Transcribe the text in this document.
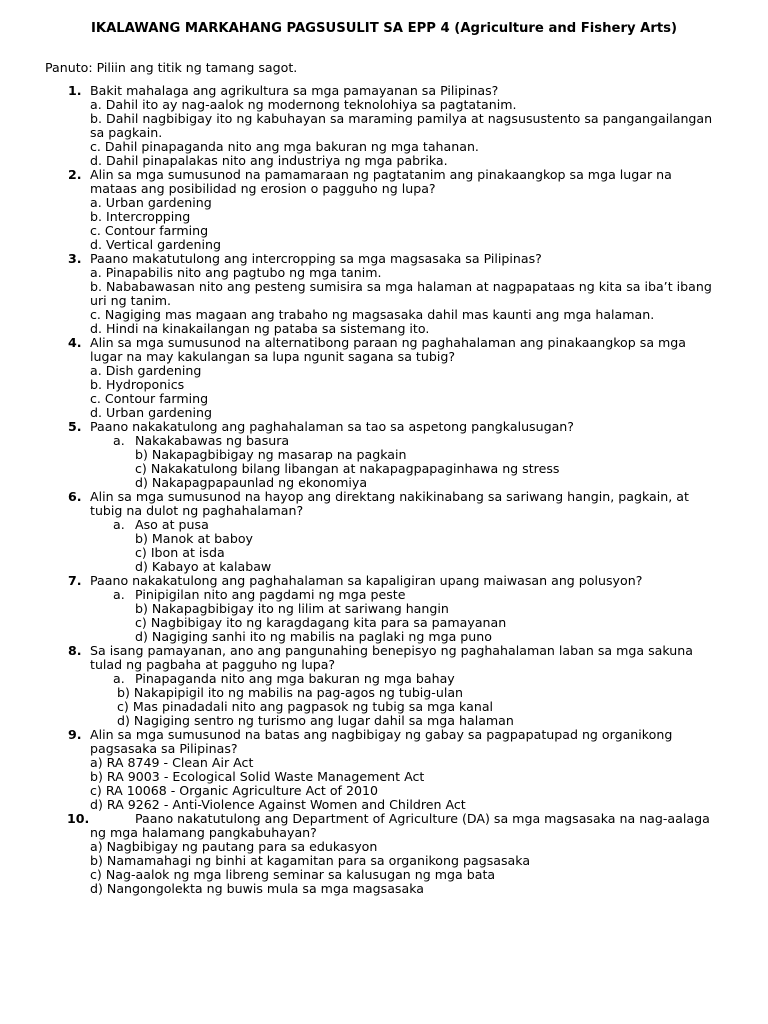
IKALAWANG MARKAHANG PAGSUSULIT SA EPP 4 (Agriculture and Fishery Arts)
Panuto: Piliin ang titik ng tamang sagot.
1. Bakit mahalaga ang agrikultura sa mga pamayanan sa Pilipinas?
a. Dahil ito ay nag-aalok ng modernong teknolohiya sa pagtatanim.
b. Dahil nagbibigay ito ng kabuhayan sa maraming pamilya at nagsusustento sa pangangailangan sa pagkain.
c. Dahil pinapaganda nito ang mga bakuran ng mga tahanan.
d. Dahil pinapalakas nito ang industriya ng mga pabrika.
2. Alin sa mga sumusunod na pamamaraan ng pagtatanim ang pinakaangkop sa mga lugar na mataas ang posibilidad ng erosion o pagguho ng lupa?
a. Urban gardening
b. Intercropping
c. Contour farming
d. Vertical gardening
3. Paano makatutulong ang intercropping sa mga magsasaka sa Pilipinas?
a. Pinapabilis nito ang pagtubo ng mga tanim.
b. Nababawasan nito ang pesteng sumisira sa mga halaman at nagpapataas ng kita sa iba’t ibang uri ng tanim.
c. Nagiging mas magaan ang trabaho ng magsasaka dahil mas kaunti ang mga halaman.
d. Hindi na kinakailangan ng pataba sa sistemang ito.
4. Alin sa mga sumusunod na alternatibong paraan ng paghahalaman ang pinakaangkop sa mga lugar na may kakulangan sa lupa ngunit sagana sa tubig?
a. Dish gardening
b. Hydroponics
c. Contour farming
d. Urban gardening
5. Paano nakakatulong ang paghahalaman sa tao sa aspetong pangkalusugan?
a. Nakakabawas ng basura
b) Nakapagbibigay ng masarap na pagkain
c) Nakakatulong bilang libangan at nakapagpapaginhawa ng stress
d) Nakapagpapaunlad ng ekonomiya
6. Alin sa mga sumusunod na hayop ang direktang nakikinabang sa sariwang hangin, pagkain, at tubig na dulot ng paghahalaman?
a. Aso at pusa
b) Manok at baboy
c) Ibon at isda
d) Kabayo at kalabaw
7. Paano nakakatulong ang paghahalaman sa kapaligiran upang maiwasan ang polusyon?
a. Pinipigilan nito ang pagdami ng mga peste
b) Nakapagbibigay ito ng lilim at sariwang hangin
c) Nagbibigay ito ng karagdagang kita para sa pamayanan
d) Nagiging sanhi ito ng mabilis na paglaki ng mga puno
8. Sa isang pamayanan, ano ang pangunahing benepisyo ng paghahalaman laban sa mga sakuna tulad ng pagbaha at pagguho ng lupa?
a. Pinapaganda nito ang mga bakuran ng mga bahay
b) Nakapipigil ito ng mabilis na pag-agos ng tubig-ulan
c) Mas pinadadali nito ang pagpasok ng tubig sa mga kanal
d) Nagiging sentro ng turismo ang lugar dahil sa mga halaman
9. Alin sa mga sumusunod na batas ang nagbibigay ng gabay sa pagpapatupad ng organikong pagsasaka sa Pilipinas?
a) RA 8749 - Clean Air Act
b) RA 9003 - Ecological Solid Waste Management Act
c) RA 10068 - Organic Agriculture Act of 2010
d) RA 9262 - Anti-Violence Against Women and Children Act
10.	Paano nakatutulong ang Department of Agriculture (DA) sa mga magsasaka na nag-aalaga ng mga halamang pangkabuhayan?
a) Nagbibigay ng pautang para sa edukasyon
b) Namamahagi ng binhi at kagamitan para sa organikong pagsasaka
c) Nag-aalok ng mga libreng seminar sa kalusugan ng mga bata
d) Nangongolekta ng buwis mula sa mga magsasaka
